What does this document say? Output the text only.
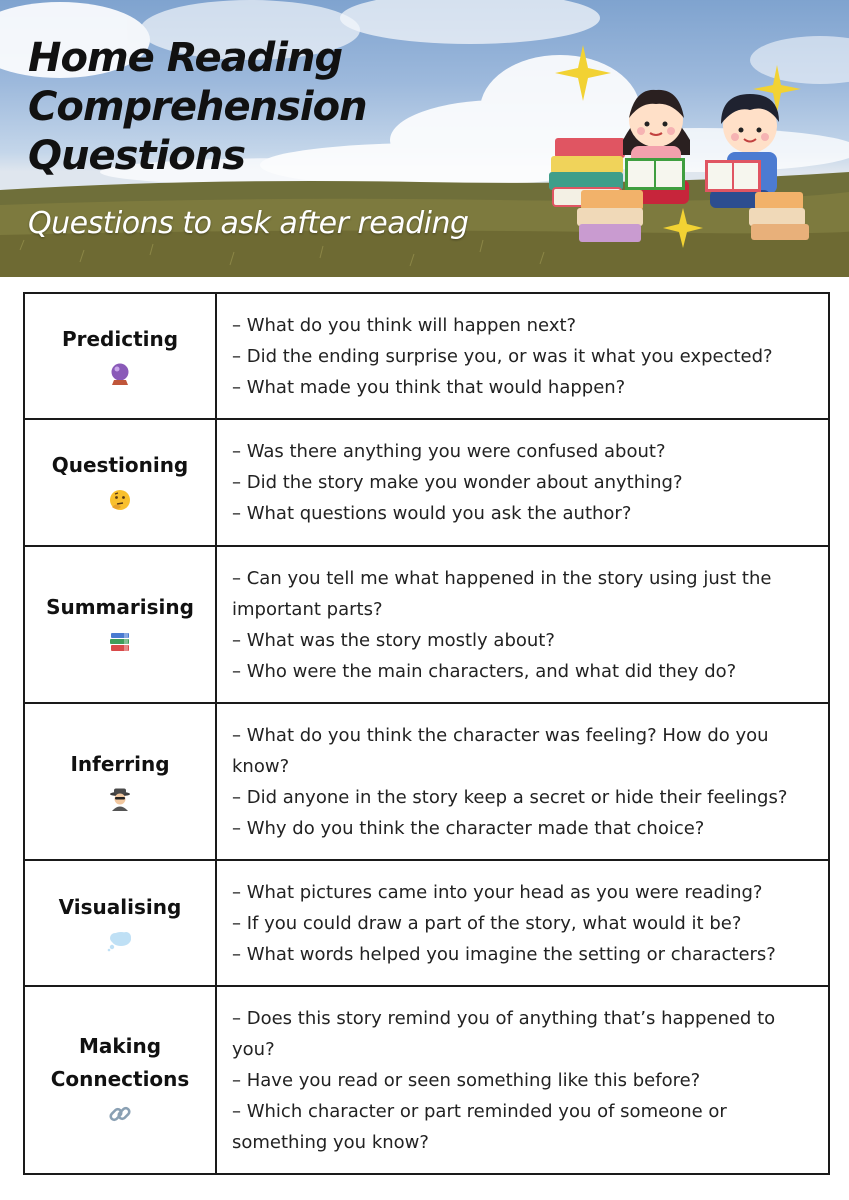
Home Reading
Comprehension
Questions

Questions to ask after reading

Predicting	– What do you think will happen next?
– Did the ending surprise you, or was it what you expected?
– What made you think that would happen?

Questioning	– Was there anything you were confused about?
– Did the story make you wonder about anything?
– What questions would you ask the author?

Summarising	– Can you tell me what happened in the story using just the important parts?
– What was the story mostly about?
– Who were the main characters, and what did they do?

Inferring	– What do you think the character was feeling? How do you know?
– Did anyone in the story keep a secret or hide their feelings?
– Why do you think the character made that choice?

Visualising	– What pictures came into your head as you were reading?
– If you could draw a part of the story, what would it be?
– What words helped you imagine the setting or characters?

Making Connections	– Does this story remind you of anything that’s happened to you?
– Have you read or seen something like this before?
– Which character or part reminded you of someone or something you know?
